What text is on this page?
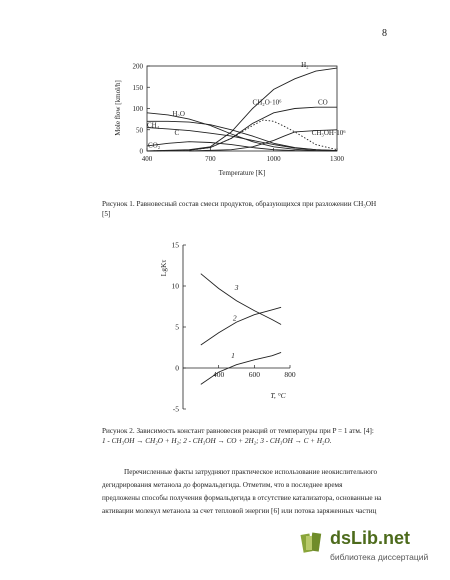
8
0
50
100
150
200
400	700	1000	1300
H₂
CO
CH₂O·10⁶
CH₃OH·10⁶
H₂O
CH₄
C
CO₂
Temperature [K]
Mole flow [kmol/h]
-5
0
5
10
15
400	600	800
1
2
3
T, °C
LgKτ
Рисунок 1. Равновесный состав смеси продуктов, образующихся при разложении CH₃OH
[5]
Рисунок 2. Зависимость констант равновесия реакций от температуры при P = 1 атм. [4]:
1 - CH₃OH → CH₂O + H₂; 2 - CH₃OH → CO + 2H₂; 3 - CH₃OH → C + H₂O.
Перечисленные факты затрудняют практическое использование неокислительного
дегидрирования метанола до формальдегида. Отметим, что в последнее время
предложены способы получения формальдегида в отсутствие катализатора, основанные на
активации молекул метанола за счет тепловой энергии [6] или потока заряженных частиц
dsLib.net
библиотека диссертаций
